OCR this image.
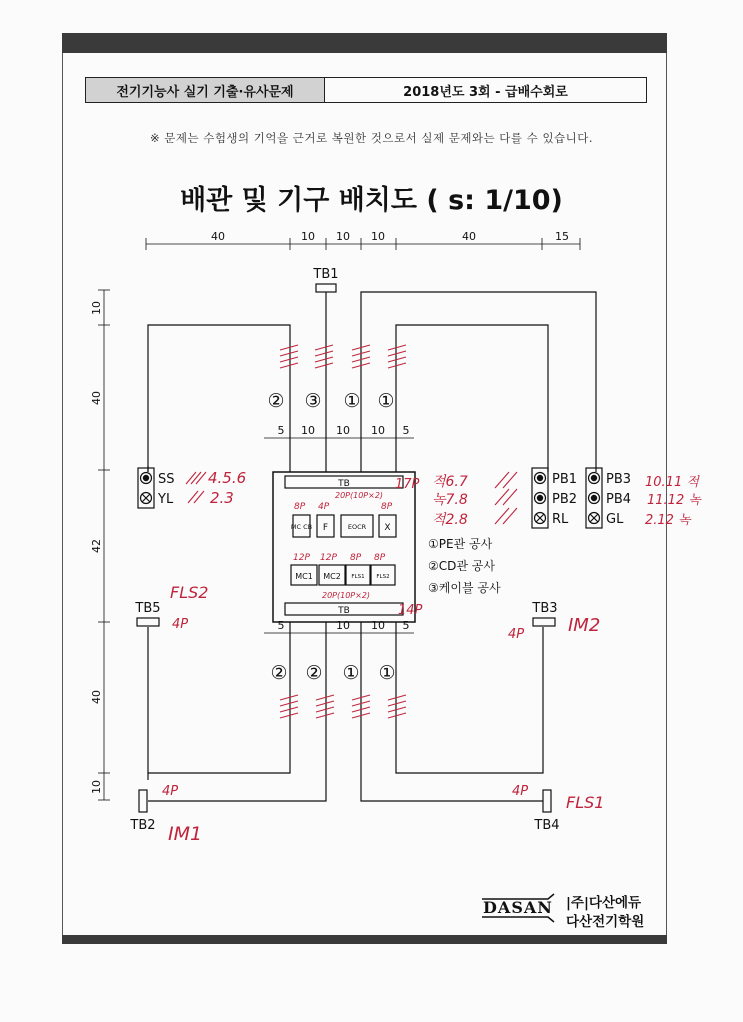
전기기능사 실기 기출·유사문제	2018년도 3회 - 급배수회로
※ 문제는 수험생의 기억을 근거로 복원한 것으로서 실제 문제와는 다를 수 있습니다.
배관 및 기구 배치도 ( s: 1/10)
40	10 10 10	40	15
5 10 10 10 5
5	10 10 5
10
40
42
40
10
TB1
TB5	TB3
TB2	TB4
TB
TB
MC CB F	EOCR X
MC1 MC2 FLS1 FLS2
SS
YL
PB1
PB2
RL
PB3
PB4
GL
② ③ ① ①
② ② ① ①
①PE관 공사
②CD관 공사
③케이블 공사
4.5.6
2.3
적6.7
녹7.8
적2.8
10.11 적
11.12 녹
2.12 녹
17P
14P
8P 4P
20P(10P×2)
8P
12P 12P 8P 8P
20P(10P×2)
FLS2
4P
4P IM2
4P	4P
FLS1
IM1
DASAN |주|다산에듀
다산전기학원
